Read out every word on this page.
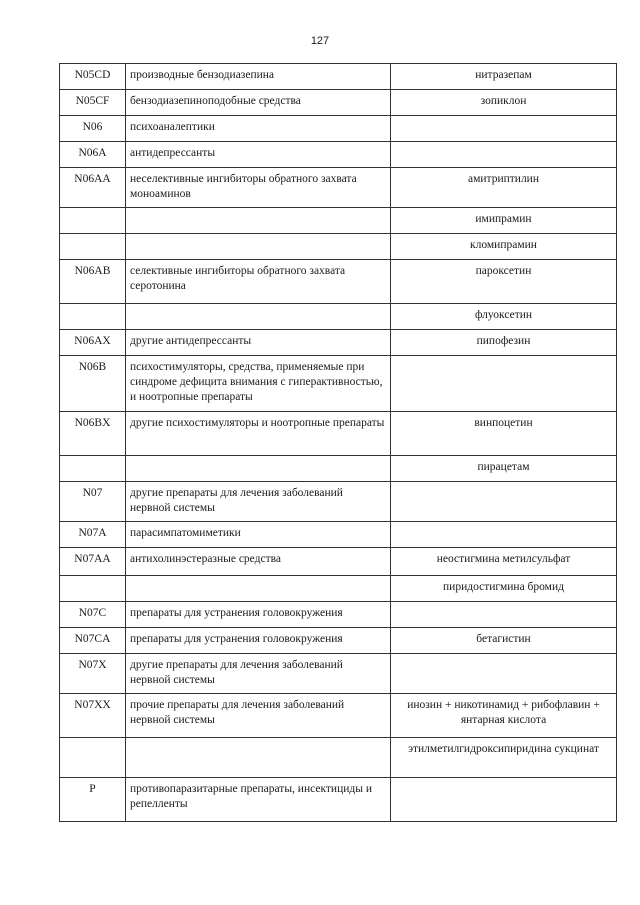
127
N05CD	производные бензодиазепина	нитразепам
N05CF	бензодиазепиноподобные средства	зопиклон
N06	психоаналептики	
N06A	антидепрессанты	
N06AA	неселективные ингибиторы обратного захвата моноаминов	амитриптилин
		имипрамин
		кломипрамин
N06AB	селективные ингибиторы обратного захвата серотонина	пароксетин
		флуоксетин
N06AX	другие антидепрессанты	пипофезин
N06B	психостимуляторы, средства, применяемые при синдроме дефицита внимания с гиперактивностью, и ноотропные препараты	
N06BX	другие психостимуляторы и ноотропные препараты	винпоцетин
		пирацетам
N07	другие препараты для лечения заболеваний нервной системы	
N07A	парасимпатомиметики	
N07AA	антихолинэстеразные средства	неостигмина метилсульфат
		пиридостигмина бромид
N07C	препараты для устранения головокружения	
N07CA	препараты для устранения головокружения	бетагистин
N07X	другие препараты для лечения заболеваний нервной системы	
N07XX	прочие препараты для лечения заболеваний нервной системы	инозин + никотинамид + рибофлавин + янтарная кислота
		этилметилгидроксипиридина сукцинат
P	противопаразитарные препараты, инсектициды и репелленты	
